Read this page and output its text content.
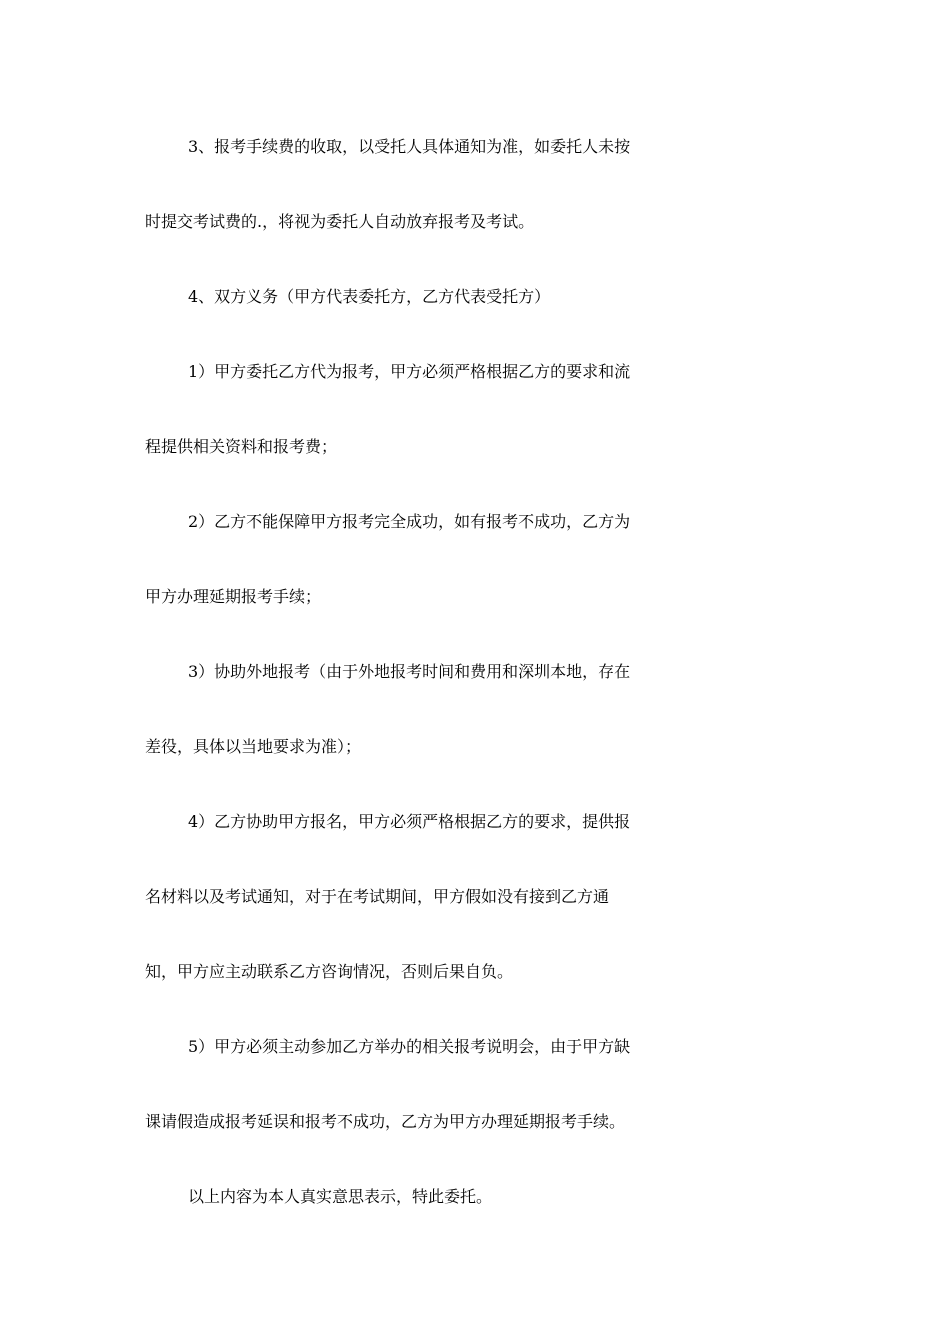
3、报考手续费的收取，以受托人具体通知为准，如委托人未按
时提交考试费的.，将视为委托人自动放弃报考及考试。
4、双方义务（甲方代表委托方，乙方代表受托方）
1）甲方委托乙方代为报考，甲方必须严格根据乙方的要求和流
程提供相关资料和报考费；
2）乙方不能保障甲方报考完全成功，如有报考不成功，乙方为
甲方办理延期报考手续；
3）协助外地报考（由于外地报考时间和费用和深圳本地，存在
差役，具体以当地要求为准）；
4）乙方协助甲方报名，甲方必须严格根据乙方的要求，提供报
名材料以及考试通知，对于在考试期间，甲方假如没有接到乙方通
知，甲方应主动联系乙方咨询情况，否则后果自负。
5）甲方必须主动参加乙方举办的相关报考说明会，由于甲方缺
课请假造成报考延误和报考不成功，乙方为甲方办理延期报考手续。
以上内容为本人真实意思表示，特此委托。
